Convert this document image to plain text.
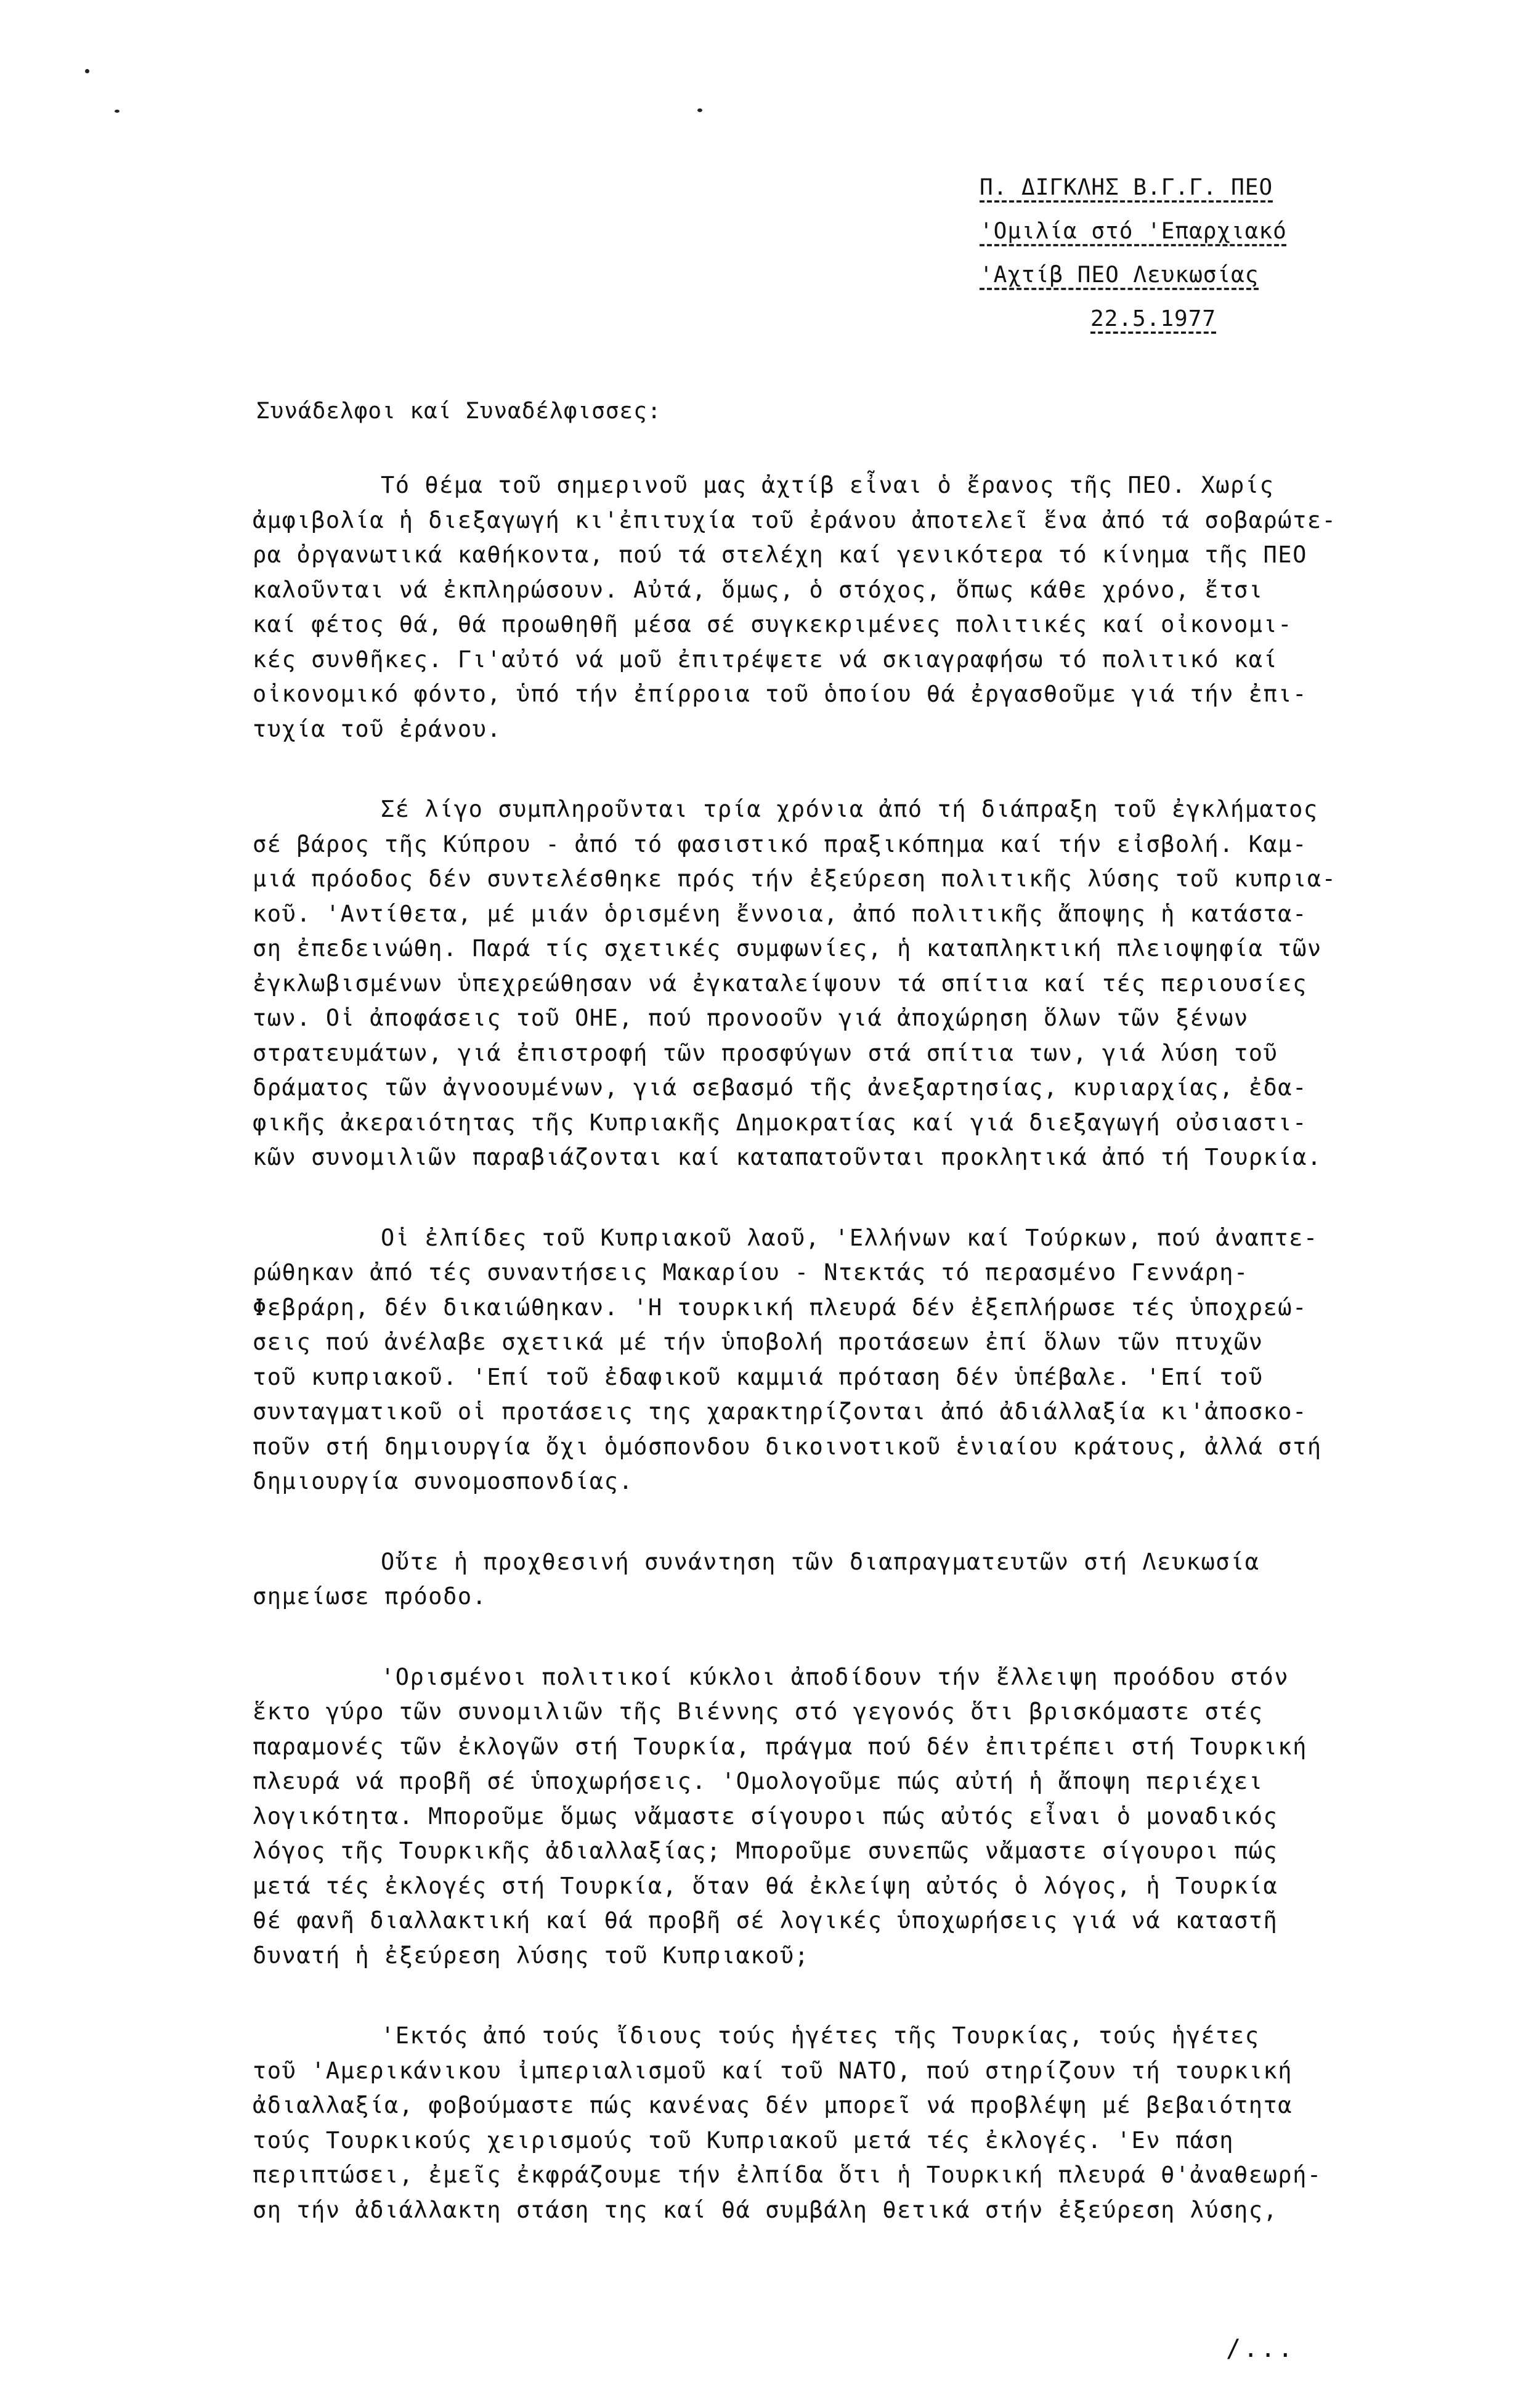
Π. ΔΙΓΚΛΗΣ Β.Γ.Γ. ΠΕΟ
'Ομιλία στό 'Επαρχιακό
'Αχτίβ ΠΕΟ Λευκωσίας
22.5.1977
Συνάδελφοι καί Συναδέλφισσες:
Τό θέμα τοῦ σημερινοῦ μας ἀχτίβ εἶναι ὁ ἔρανος τῆς ΠΕΟ. Χωρίς
ἀμφιβολία ἡ διεξαγωγή κι'ἐπιτυχία τοῦ ἐράνου ἀποτελεῖ ἕνα ἀπό τά σοβαρώτε-
ρα ὀργανωτικά καθήκοντα, πού τά στελέχη καί γενικότερα τό κίνημα τῆς ΠΕΟ
καλοῦνται νά ἐκπληρώσουν. Αὐτά, ὅμως, ὁ στόχος, ὅπως κάθε χρόνο, ἔτσι
καί φέτος θά, θά προωθηθῆ μέσα σέ συγκεκριμένες πολιτικές καί οἰκονομι-
κές συνθῆκες. Γι'αὐτό νά μοῦ ἐπιτρέψετε νά σκιαγραφήσω τό πολιτικό καί
οἰκονομικό φόντο, ὑπό τήν ἐπίρροια τοῦ ὁποίου θά ἐργασθοῦμε γιά τήν ἐπι-
τυχία τοῦ ἐράνου.
Σέ λίγο συμπληροῦνται τρία χρόνια ἀπό τή διάπραξη τοῦ ἐγκλήματος
σέ βάρος τῆς Κύπρου - ἀπό τό φασιστικό πραξικόπημα καί τήν εἰσβολή. Καμ-
μιά πρόοδος δέν συντελέσθηκε πρός τήν ἐξεύρεση πολιτικῆς λύσης τοῦ κυπρια-
κοῦ. 'Αντίθετα, μέ μιάν ὁρισμένη ἔννοια, ἀπό πολιτικῆς ἄποψης ἡ κατάστα-
ση ἐπεδεινώθη. Παρά τίς σχετικές συμφωνίες, ἡ καταπληκτική πλειοψηφία τῶν
ἐγκλωβισμένων ὑπεχρεώθησαν νά ἐγκαταλείψουν τά σπίτια καί τές περιουσίες
των. Οἱ ἀποφάσεις τοῦ ΟΗΕ, πού προνοοῦν γιά ἀποχώρηση ὅλων τῶν ξένων
στρατευμάτων, γιά ἐπιστροφή τῶν προσφύγων στά σπίτια των, γιά λύση τοῦ
δράματος τῶν ἀγνοουμένων, γιά σεβασμό τῆς ἀνεξαρτησίας, κυριαρχίας, ἐδα-
φικῆς ἀκεραιότητας τῆς Κυπριακῆς Δημοκρατίας καί γιά διεξαγωγή οὐσιαστι-
κῶν συνομιλιῶν παραβιάζονται καί καταπατοῦνται προκλητικά ἀπό τή Τουρκία.
Οἱ ἐλπίδες τοῦ Κυπριακοῦ λαοῦ, 'Ελλήνων καί Τούρκων, πού ἀναπτε-
ρώθηκαν ἀπό τές συναντήσεις Μακαρίου - Ντεκτάς τό περασμένο Γεννάρη-
Φεβράρη, δέν δικαιώθηκαν. 'Η τουρκική πλευρά δέν ἐξεπλήρωσε τές ὑποχρεώ-
σεις πού ἀνέλαβε σχετικά μέ τήν ὑποβολή προτάσεων ἐπί ὅλων τῶν πτυχῶν
τοῦ κυπριακοῦ. 'Επί τοῦ ἐδαφικοῦ καμμιά πρόταση δέν ὑπέβαλε. 'Επί τοῦ
συνταγματικοῦ οἱ προτάσεις της χαρακτηρίζονται ἀπό ἀδιάλλαξία κι'ἀποσκο-
ποῦν στή δημιουργία ὄχι ὁμόσπονδου δικοινοτικοῦ ἑνιαίου κράτους, ἀλλά στή
δημιουργία συνομοσπονδίας.
Οὔτε ἡ προχθεσινή συνάντηση τῶν διαπραγματευτῶν στή Λευκωσία
σημείωσε πρόοδο.
'Ορισμένοι πολιτικοί κύκλοι ἀποδίδουν τήν ἔλλειψη προόδου στόν
ἕκτο γύρο τῶν συνομιλιῶν τῆς Βιέννης στό γεγονός ὅτι βρισκόμαστε στές
παραμονές τῶν ἐκλογῶν στή Τουρκία, πράγμα πού δέν ἐπιτρέπει στή Τουρκική
πλευρά νά προβῆ σέ ὑποχωρήσεις. 'Ομολογοῦμε πώς αὐτή ἡ ἄποψη περιέχει
λογικότητα. Μποροῦμε ὅμως νἄμαστε σίγουροι πώς αὐτός εἶναι ὁ μοναδικός
λόγος τῆς Τουρκικῆς ἀδιαλλαξίας; Μποροῦμε συνεπῶς νἄμαστε σίγουροι πώς
μετά τές ἐκλογές στή Τουρκία, ὅταν θά ἐκλείψη αὐτός ὁ λόγος, ἡ Τουρκία
θέ φανῆ διαλλακτική καί θά προβῆ σέ λογικές ὑποχωρήσεις γιά νά καταστῆ
δυνατή ἡ ἐξεύρεση λύσης τοῦ Κυπριακοῦ;
'Εκτός ἀπό τούς ἴδιους τούς ἡγέτες τῆς Τουρκίας, τούς ἡγέτες
τοῦ 'Αμερικάνικου ἰμπεριαλισμοῦ καί τοῦ ΝΑΤΟ, πού στηρίζουν τή τουρκική
ἀδιαλλαξία, φοβούμαστε πώς κανένας δέν μπορεῖ νά προβλέψη μέ βεβαιότητα
τούς Τουρκικούς χειρισμούς τοῦ Κυπριακοῦ μετά τές ἐκλογές. 'Εν πάση
περιπτώσει, ἐμεῖς ἐκφράζουμε τήν ἐλπίδα ὅτι ἡ Τουρκική πλευρά θ'ἀναθεωρή-
ση τήν ἀδιάλλακτη στάση της καί θά συμβάλη θετικά στήν ἐξεύρεση λύσης,
/...
